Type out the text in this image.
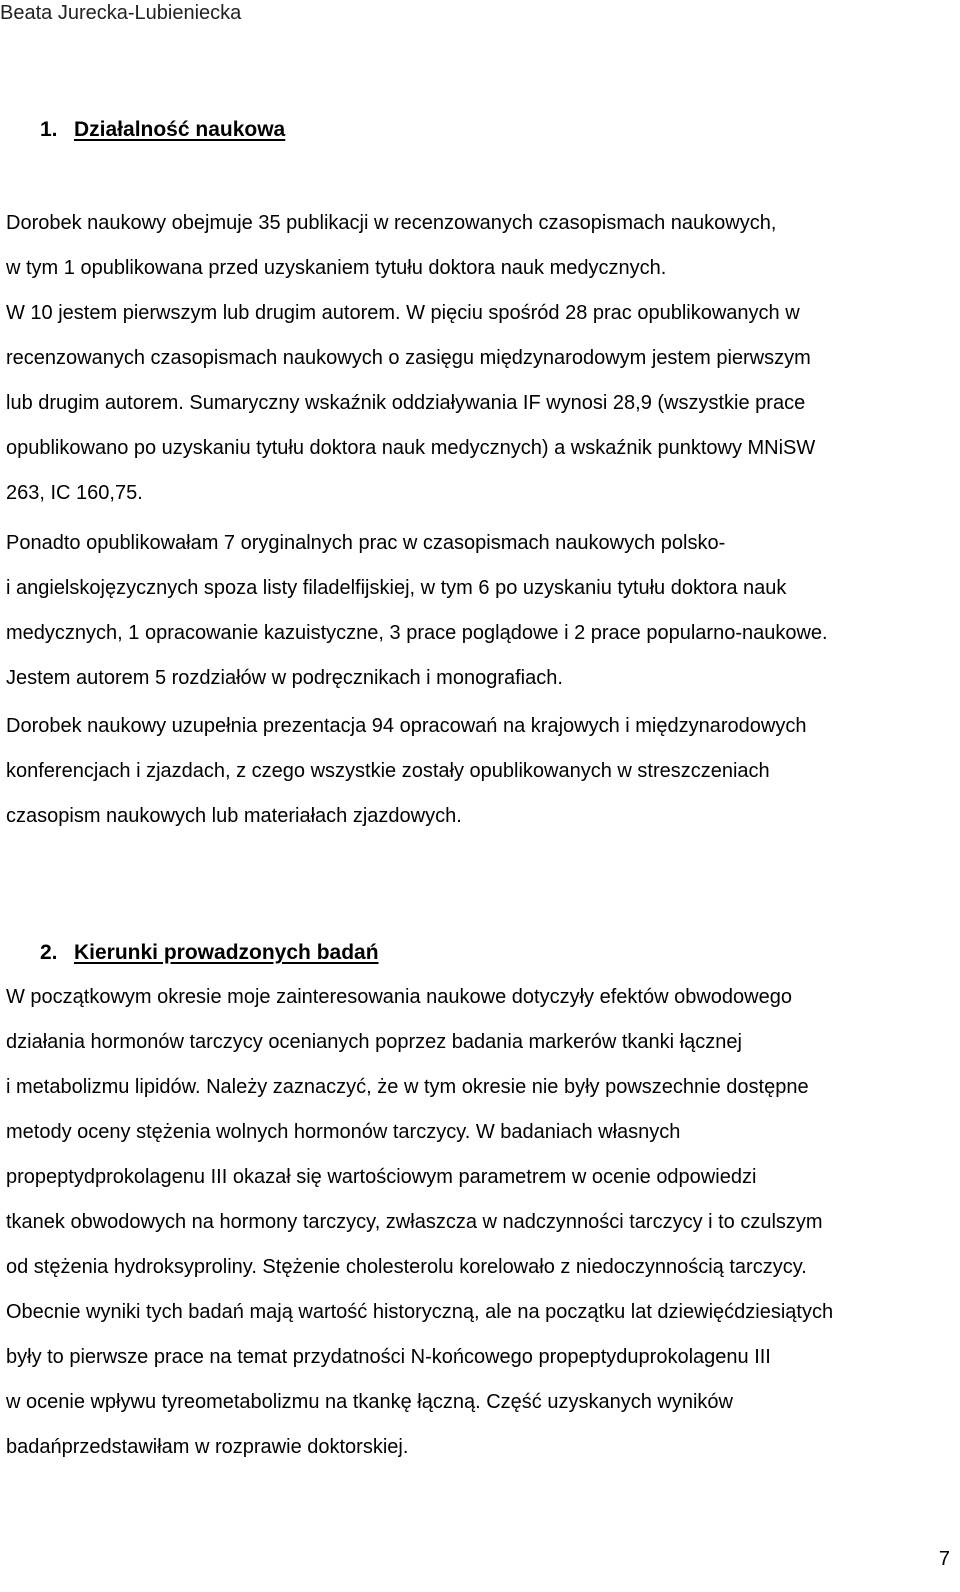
Beata Jurecka-Lubieniecka
1. Działalność naukowa
Dorobek naukowy obejmuje 35 publikacji w recenzowanych czasopismach naukowych,
w tym 1 opublikowana przed uzyskaniem tytułu doktora nauk medycznych.
W 10 jestem pierwszym lub drugim autorem. W pięciu spośród 28 prac opublikowanych w
recenzowanych czasopismach naukowych o zasięgu międzynarodowym jestem pierwszym
lub drugim autorem. Sumaryczny wskaźnik oddziaływania IF wynosi 28,9 (wszystkie prace
opublikowano po uzyskaniu tytułu doktora nauk medycznych) a wskaźnik punktowy MNiSW
263, IC 160,75.
Ponadto opublikowałam 7 oryginalnych prac w czasopismach naukowych polsko-
i angielskojęzycznych spoza listy filadelfijskiej, w tym 6 po uzyskaniu tytułu doktora nauk
medycznych, 1 opracowanie kazuistyczne, 3 prace poglądowe i 2 prace popularno-naukowe.
Jestem autorem 5 rozdziałów w podręcznikach i monografiach.
Dorobek naukowy uzupełnia prezentacja 94 opracowań na krajowych i międzynarodowych
konferencjach i zjazdach, z czego wszystkie zostały opublikowanych w streszczeniach
czasopism naukowych lub materiałach zjazdowych.
2. Kierunki prowadzonych badań
W początkowym okresie moje zainteresowania naukowe dotyczyły efektów obwodowego
działania hormonów tarczycy ocenianych poprzez badania markerów tkanki łącznej
i metabolizmu lipidów. Należy zaznaczyć, że w tym okresie nie były powszechnie dostępne
metody oceny stężenia wolnych hormonów tarczycy. W badaniach własnych
propeptydprokolagenu III okazał się wartościowym parametrem w ocenie odpowiedzi
tkanek obwodowych na hormony tarczycy, zwłaszcza w nadczynności tarczycy i to czulszym
od stężenia hydroksyproliny. Stężenie cholesterolu korelowało z niedoczynnością tarczycy.
Obecnie wyniki tych badań mają wartość historyczną, ale na początku lat dziewięćdziesiątych
były to pierwsze prace na temat przydatności N-końcowego propeptyduprokolagenu III
w ocenie wpływu tyreometabolizmu na tkankę łączną. Część uzyskanych wyników
badańprzedstawiłam w rozprawie doktorskiej.
7
